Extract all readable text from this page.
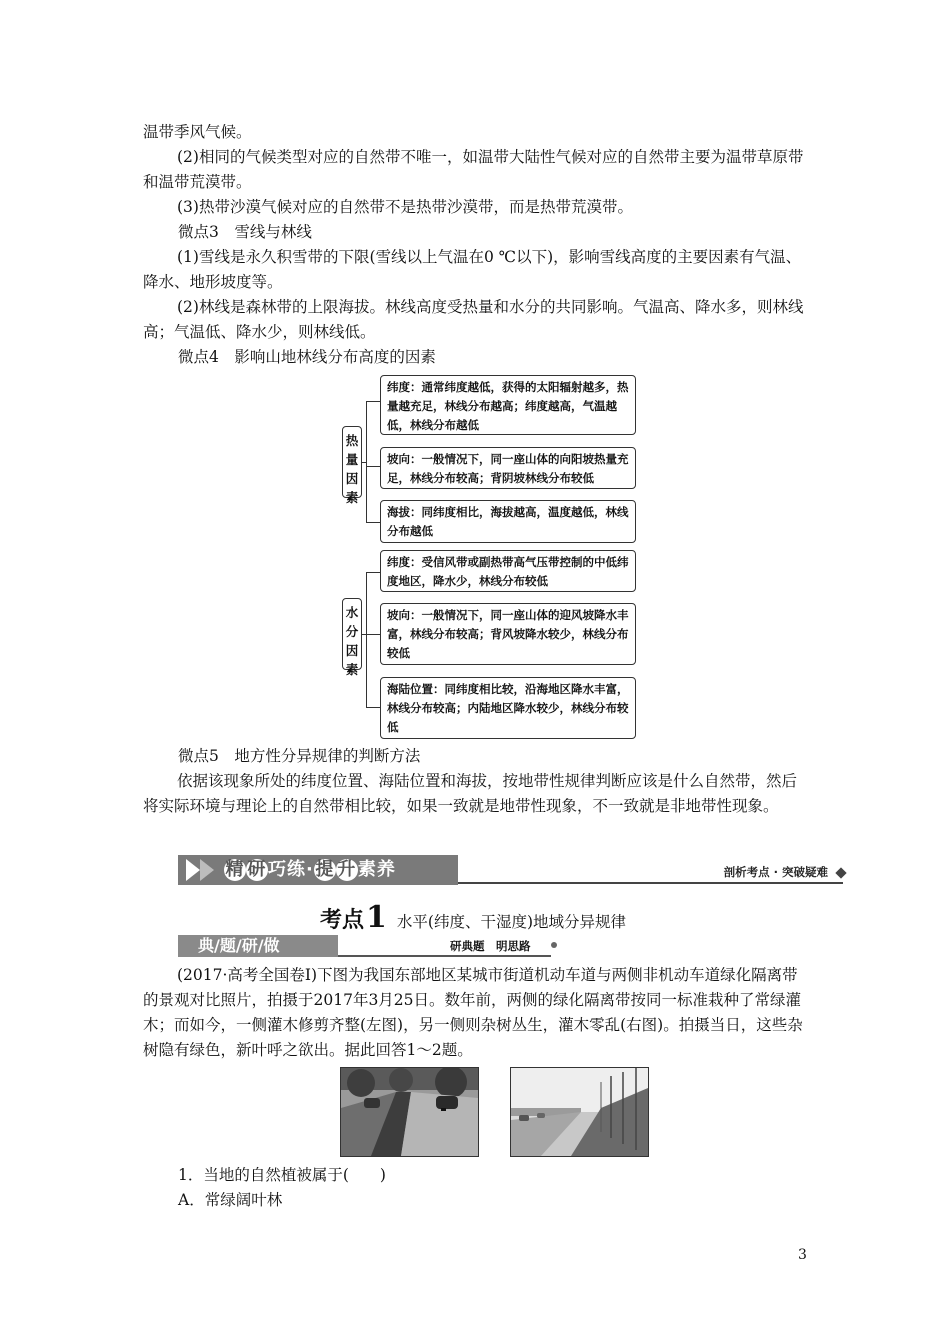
温带季风气候。

(2)相同的气候类型对应的自然带不唯一，如温带大陆性气候对应的自然带主要为温带草原带和温带荒漠带。

(3)热带沙漠气候对应的自然带不是热带沙漠带，而是热带荒漠带。

微点3　雪线与林线

(1)雪线是永久积雪带的下限(雪线以上气温在0 ℃以下)，影响雪线高度的主要因素有气温、降水、地形坡度等。

(2)林线是森林带的上限海拔。林线高度受热量和水分的共同影响。气温高、降水多，则林线高；气温低、降水少，则林线低。

微点4　影响山地林线分布高度的因素
热量因素
纬度：通常纬度越低，获得的太阳辐射越多，热量越充足，林线分布越高；纬度越高，气温越低，林线分布越低
坡向：一般情况下，同一座山体的向阳坡热量充足，林线分布较高；背阴坡林线分布较低
海拔：同纬度相比，海拔越高，温度越低，林线分布越低
水分因素
纬度：受信风带或副热带高气压带控制的中低纬度地区，降水少，林线分布较低
坡向：一般情况下，同一座山体的迎风坡降水丰富，林线分布较高；背风坡降水较少，林线分布较低
海陆位置：同纬度相比较，沿海地区降水丰富，林线分布较高；内陆地区降水较少，林线分布较低
微点5　地方性分异规律的判断方法

依据该现象所处的纬度位置、海陆位置和海拔，按地带性规律判断应该是什么自然带，然后将实际环境与理论上的自然带相比较，如果一致就是地带性现象，不一致就是非地带性现象。

精 研巧练·提 升素养	剖析考点 · 突破疑难
考点1 水平(纬度、干湿度)地域分异规律
典/题/研/做	研典题　明思路

(2017·高考全国卷Ⅰ)下图为我国东部地区某城市街道机动车道与两侧非机动车道绿化隔离带的景观对比照片，拍摄于2017年3月25日。数年前，两侧的绿化隔离带按同一标准栽种了常绿灌木；而如今，一侧灌木修剪齐整(左图)，另一侧则杂树丛生，灌木零乱(右图)。拍摄当日，这些杂树隐有绿色，新叶呼之欲出。据此回答1～2题。

1．当地的自然植被属于(　　)
A．常绿阔叶林
3
